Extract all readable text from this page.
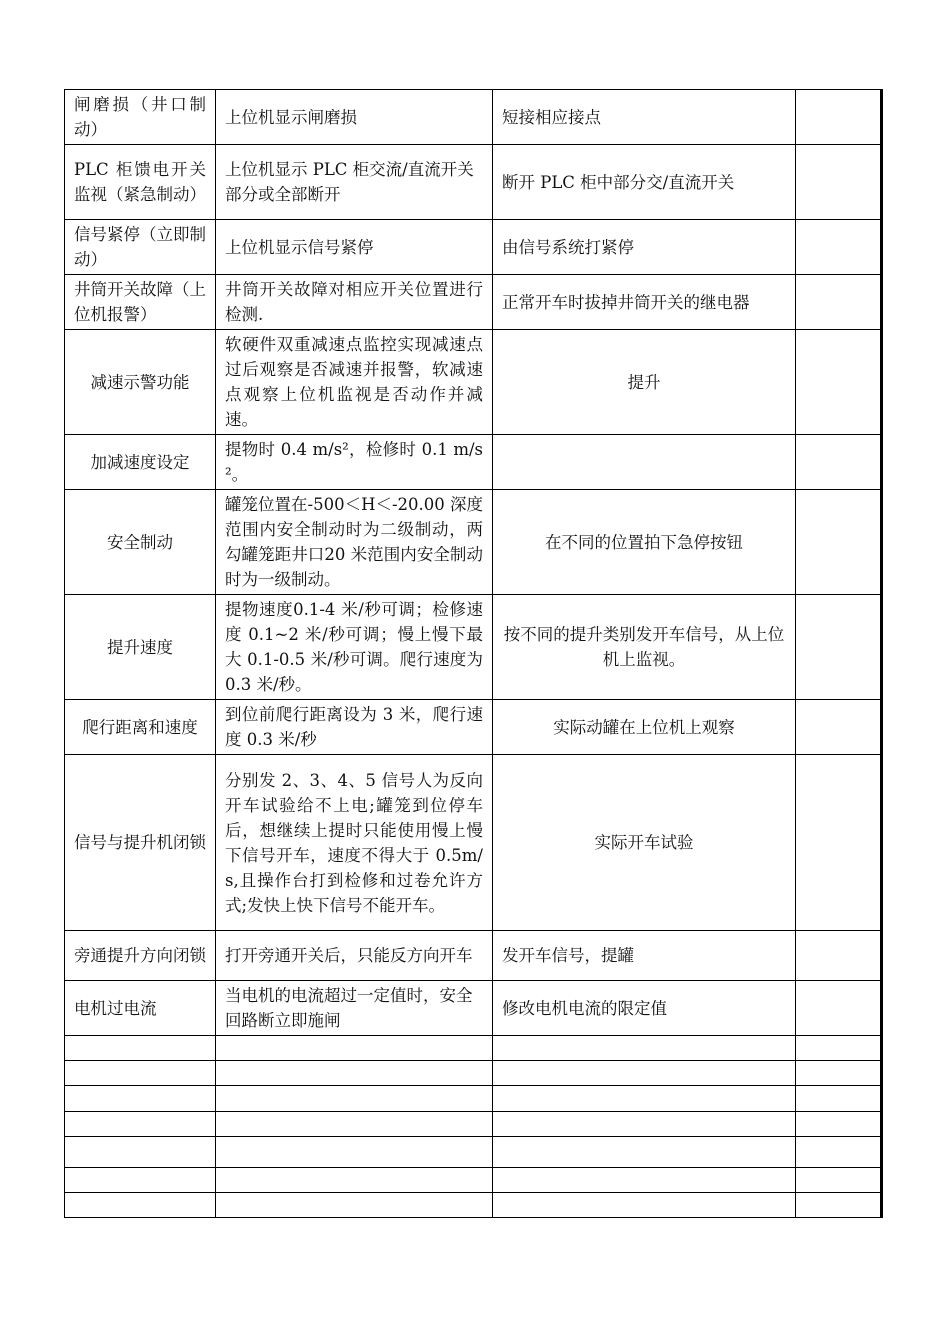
闸磨损（井口制动）	上位机显示闸磨损	短接相应接点	
PLC 柜馈电开关监视（紧急制动）	上位机显示 PLC 柜交流/直流开关部分或全部断开	断开 PLC 柜中部分交/直流开关	
信号紧停（立即制动）	上位机显示信号紧停	由信号系统打紧停	
井筒开关故障（上位机报警）	井筒开关故障对相应开关位置进行检测.	正常开车时拔掉井筒开关的继电器	
减速示警功能	软硬件双重减速点监控实现减速点过后观察是否减速并报警，软减速点观察上位机监视是否动作并减速。	提升	
加减速度设定	提物时 0.4 m/s²，检修时 0.1 m/s²。		
安全制动	罐笼位置在-500＜H＜-20.00 深度范围内安全制动时为二级制动，两勾罐笼距井口20 米范围内安全制动时为一级制动。	在不同的位置拍下急停按钮	
提升速度	提物速度0.1-4 米/秒可调；检修速度 0.1~2 米/秒可调；慢上慢下最大 0.1-0.5 米/秒可调。爬行速度为 0.3 米/秒。	按不同的提升类别发开车信号，从上位机上监视。	
爬行距离和速度	到位前爬行距离设为 3 米，爬行速度 0.3 米/秒	实际动罐在上位机上观察	
信号与提升机闭锁	分别发 2、3、4、5 信号人为反向开车试验给不上电;罐笼到位停车后，想继续上提时只能使用慢上慢下信号开车，速度不得大于 0.5m/s,且操作台打到检修和过卷允许方式;发快上快下信号不能开车。	实际开车试验	
旁通提升方向闭锁	打开旁通开关后，只能反方向开车	发开车信号，提罐	
电机过电流	当电机的电流超过一定值时，安全回路断立即施闸	修改电机电流的限定值	
